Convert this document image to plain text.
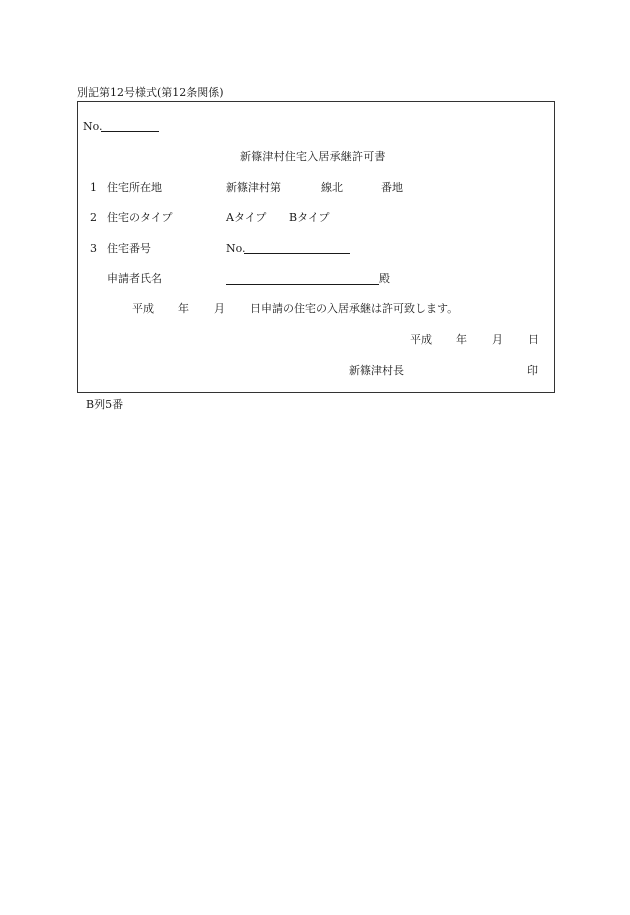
別記第12号様式(第12条関係)
No.
新篠津村住宅入居承継許可書
1 住宅所在地	新篠津村第	線北	番地
2 住宅のタイプ	Aタイプ Bタイプ
3 住宅番号	No.
申請者氏名	殿
平成 年 月 日申請の住宅の入居承継は許可致します。
平成 年 月 日
新篠津村長	印
B列5番
